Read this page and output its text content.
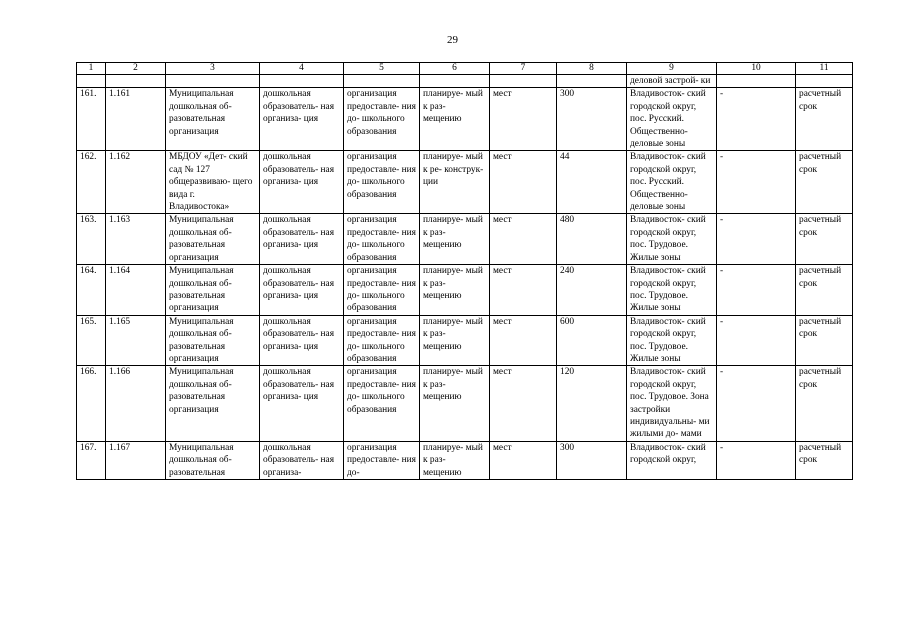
29
1	2	3	4	5	6	7	8	9	10	11
								деловой застрой- ки		
161.	1.161	Муниципальная дошкольная об- разовательная организация	дошкольная образователь- ная организа- ция	организация предоставле- ния до- школьного образования	планируе- мый к раз- мещению	мест	300	Владивосток- ский городской округ, пос. Русский. Общественно- деловые зоны	-	расчетный срок
162.	1.162	МБДОУ «Дет- ский сад № 127 общеразвиваю- щего вида г. Владивостока»	дошкольная образователь- ная организа- ция	организация предоставле- ния до- школьного образования	планируе- мый к ре- конструк- ции	мест	44	Владивосток- ский городской округ, пос. Русский. Общественно- деловые зоны	-	расчетный срок
163.	1.163	Муниципальная дошкольная об- разовательная организация	дошкольная образователь- ная организа- ция	организация предоставле- ния до- школьного образования	планируе- мый к раз- мещению	мест	480	Владивосток- ский городской округ, пос. Трудовое. Жилые зоны	-	расчетный срок
164.	1.164	Муниципальная дошкольная об- разовательная организация	дошкольная образователь- ная организа- ция	организация предоставле- ния до- школьного образования	планируе- мый к раз- мещению	мест	240	Владивосток- ский городской округ, пос. Трудовое. Жилые зоны	-	расчетный срок
165.	1.165	Муниципальная дошкольная об- разовательная организация	дошкольная образователь- ная организа- ция	организация предоставле- ния до- школьного образования	планируе- мый к раз- мещению	мест	600	Владивосток- ский городской округ, пос. Трудовое. Жилые зоны	-	расчетный срок
166.	1.166	Муниципальная дошкольная об- разовательная организация	дошкольная образователь- ная организа- ция	организация предоставле- ния до- школьного образования	планируе- мый к раз- мещению	мест	120	Владивосток- ский городской округ, пос. Трудовое. Зона застройки индивидуальны- ми жилыми до- мами	-	расчетный срок
167.	1.167	Муниципальная дошкольная об- разовательная	дошкольная образователь- ная организа-	организация предоставле- ния до-	планируе- мый к раз- мещению	мест	300	Владивосток- ский городской округ,	-	расчетный срок
